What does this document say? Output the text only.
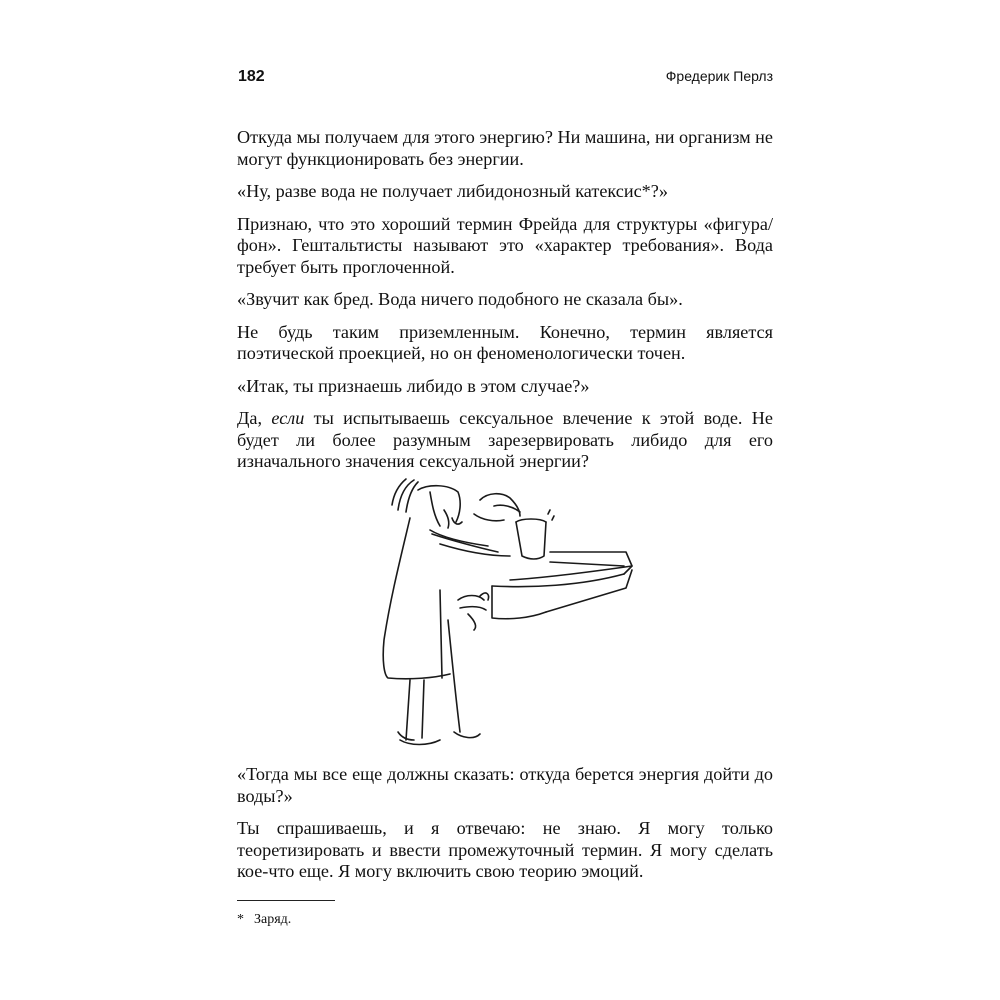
182	Фредерик Перлз

Откуда мы получаем для этого энергию? Ни машина, ни организм не могут функционировать без энергии.

«Ну, разве вода не получает либидонозный катексис*?»

Признаю, что это хороший термин Фрейда для структуры «фигура/фон». Гештальтисты называют это «характер требования». Вода требует быть проглоченной.

«Звучит как бред. Вода ничего подобного не сказала бы».

Не будь таким приземленным. Конечно, термин является поэтической проекцией, но он феноменологически точен.

«Итак, ты признаешь либидо в этом случае?»

Да, если ты испытываешь сексуальное влечение к этой воде. Не будет ли более разумным зарезервировать либидо для его изначального значения сексуальной энергии?

«Тогда мы все еще должны сказать: откуда берется энергия дойти до воды?»

Ты спрашиваешь, и я отвечаю: не знаю. Я могу только теоретизировать и ввести промежуточный термин. Я могу сделать кое-что еще. Я могу включить свою теорию эмоций.

* Заряд.
